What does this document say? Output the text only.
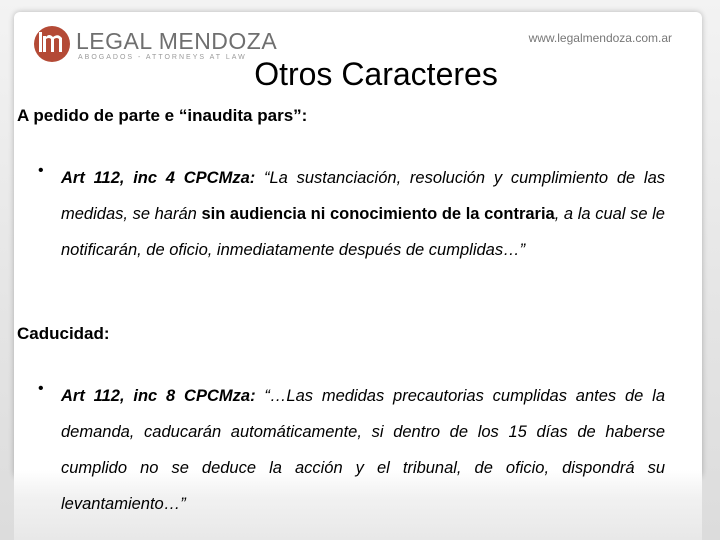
LEGAL MENDOZA
ABOGADOS - ATTORNEYS AT LAW
www.legalmendoza.com.ar
Otros Caracteres
A pedido de parte e “inaudita pars”:
• Art 112, inc 4 CPCMza: “La sustanciación, resolución y cumplimiento de las medidas, se harán sin audiencia ni conocimiento de la contraria, a la cual se le notificarán, de oficio, inmediatamente después de cumplidas…”

Caducidad:
• Art 112, inc 8 CPCMza: “…Las medidas precautorias cumplidas antes de la demanda, caducarán automáticamente, si dentro de los 15 días de haberse cumplido no se deduce la acción y el tribunal, de oficio, dispondrá su levantamiento…”
